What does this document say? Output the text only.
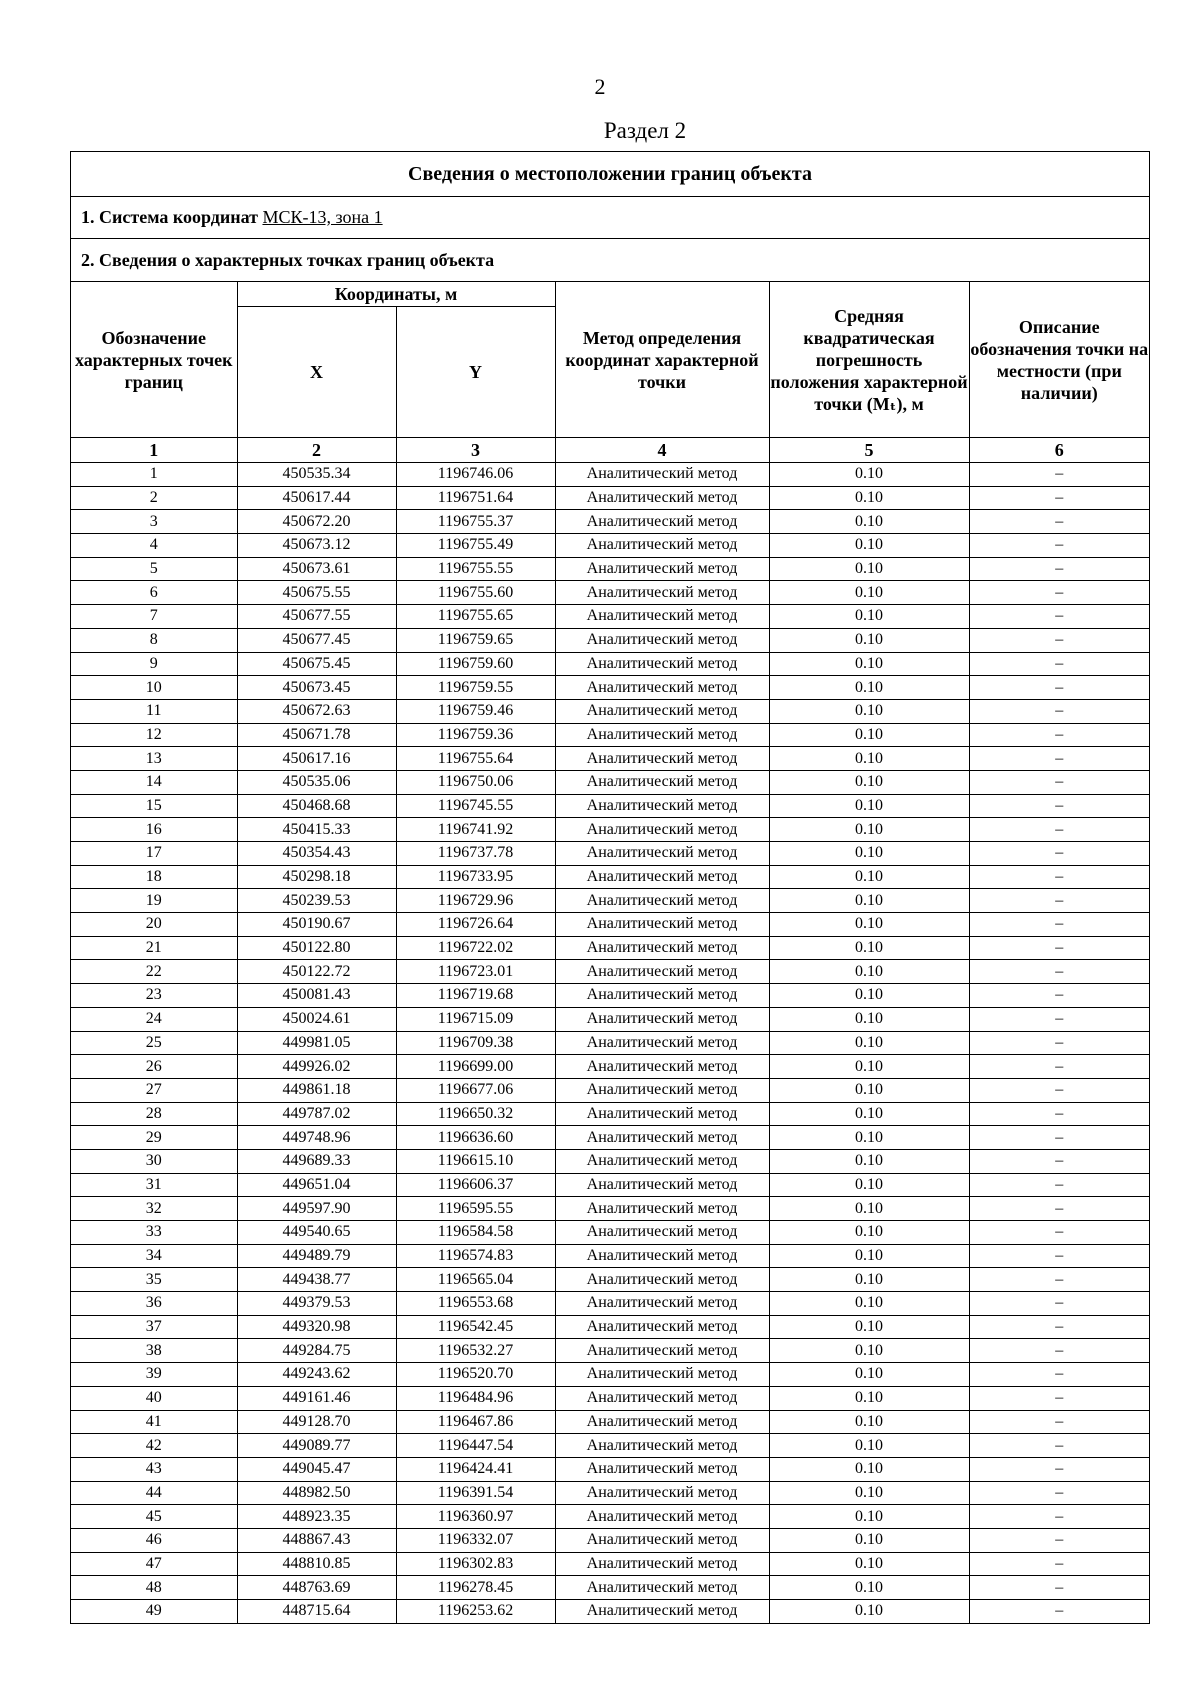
2
Раздел 2
Сведения о местоположении границ объекта
1. Система координат
МСК-13, зона 1
2. Сведения о характерных точках границ объекта
Обозначение характерных точек границ	Координаты, м		Метод определения координат характерной точки	Средняя квадратическая погрешность положения характерной точки (Mₜ), м	Описание обозначения точки на местности (при наличии)
	X	Y			
1	2	3	4	5	6
1	450535.34	1196746.06	Аналитический метод	0.10	–
2	450617.44	1196751.64	Аналитический метод	0.10	–
3	450672.20	1196755.37	Аналитический метод	0.10	–
4	450673.12	1196755.49	Аналитический метод	0.10	–
5	450673.61	1196755.55	Аналитический метод	0.10	–
6	450675.55	1196755.60	Аналитический метод	0.10	–
7	450677.55	1196755.65	Аналитический метод	0.10	–
8	450677.45	1196759.65	Аналитический метод	0.10	–
9	450675.45	1196759.60	Аналитический метод	0.10	–
10	450673.45	1196759.55	Аналитический метод	0.10	–
11	450672.63	1196759.46	Аналитический метод	0.10	–
12	450671.78	1196759.36	Аналитический метод	0.10	–
13	450617.16	1196755.64	Аналитический метод	0.10	–
14	450535.06	1196750.06	Аналитический метод	0.10	–
15	450468.68	1196745.55	Аналитический метод	0.10	–
16	450415.33	1196741.92	Аналитический метод	0.10	–
17	450354.43	1196737.78	Аналитический метод	0.10	–
18	450298.18	1196733.95	Аналитический метод	0.10	–
19	450239.53	1196729.96	Аналитический метод	0.10	–
20	450190.67	1196726.64	Аналитический метод	0.10	–
21	450122.80	1196722.02	Аналитический метод	0.10	–
22	450122.72	1196723.01	Аналитический метод	0.10	–
23	450081.43	1196719.68	Аналитический метод	0.10	–
24	450024.61	1196715.09	Аналитический метод	0.10	–
25	449981.05	1196709.38	Аналитический метод	0.10	–
26	449926.02	1196699.00	Аналитический метод	0.10	–
27	449861.18	1196677.06	Аналитический метод	0.10	–
28	449787.02	1196650.32	Аналитический метод	0.10	–
29	449748.96	1196636.60	Аналитический метод	0.10	–
30	449689.33	1196615.10	Аналитический метод	0.10	–
31	449651.04	1196606.37	Аналитический метод	0.10	–
32	449597.90	1196595.55	Аналитический метод	0.10	–
33	449540.65	1196584.58	Аналитический метод	0.10	–
34	449489.79	1196574.83	Аналитический метод	0.10	–
35	449438.77	1196565.04	Аналитический метод	0.10	–
36	449379.53	1196553.68	Аналитический метод	0.10	–
37	449320.98	1196542.45	Аналитический метод	0.10	–
38	449284.75	1196532.27	Аналитический метод	0.10	–
39	449243.62	1196520.70	Аналитический метод	0.10	–
40	449161.46	1196484.96	Аналитический метод	0.10	–
41	449128.70	1196467.86	Аналитический метод	0.10	–
42	449089.77	1196447.54	Аналитический метод	0.10	–
43	449045.47	1196424.41	Аналитический метод	0.10	–
44	448982.50	1196391.54	Аналитический метод	0.10	–
45	448923.35	1196360.97	Аналитический метод	0.10	–
46	448867.43	1196332.07	Аналитический метод	0.10	–
47	448810.85	1196302.83	Аналитический метод	0.10	–
48	448763.69	1196278.45	Аналитический метод	0.10	–
49	448715.64	1196253.62	Аналитический метод	0.10	–
